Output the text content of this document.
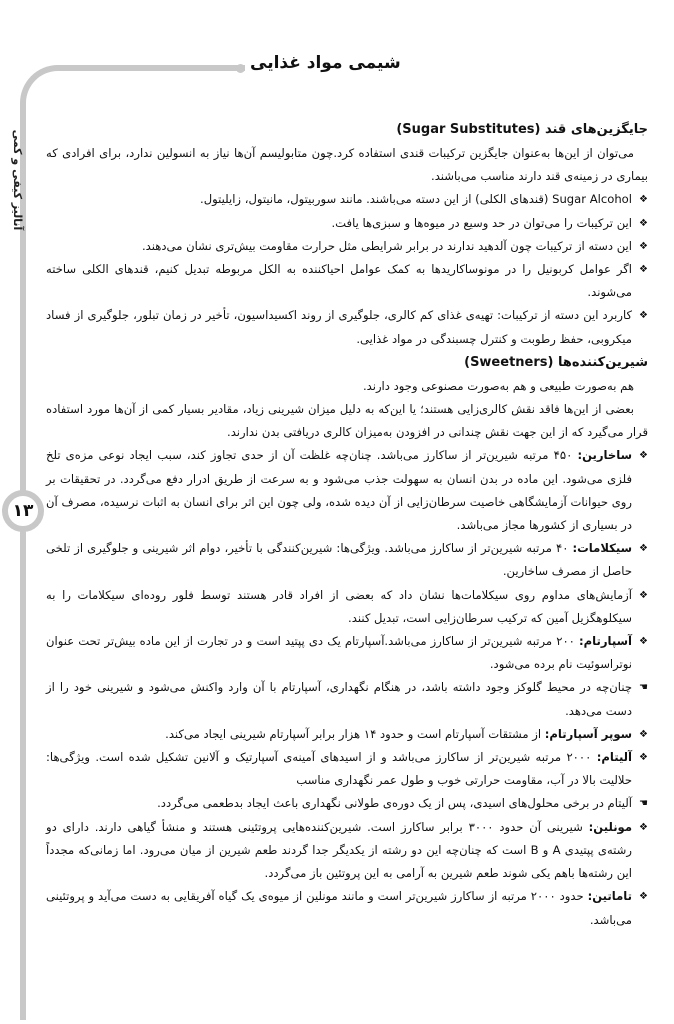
شیمی مواد غذایی
آنالیز کیفی و کمی
۱۳
جایگزین‌های قند (Sugar Substitutes)

می‌توان از این‌ها به‌عنوان جایگزین ترکیبات قندی استفاده کرد.چون متابولیسم آن‌ها نیاز به انسولین ندارد، برای افرادی که بیماری در زمینه‌ی قند دارند مناسب می‌باشند.

❖
Sugar Alcohol (قندهای الکلی) از این دسته می‌باشند. مانند سوربیتول، مانیتول، زایلیتول.
❖
این ترکیبات را می‌توان در حد وسیع در میوه‌ها و سبزی‌ها یافت.
❖
این دسته از ترکیبات چون آلدهید ندارند در برابر شرایطی مثل حرارت مقاومت بیش‌تری نشان می‌دهند.
❖
اگر عوامل کربونیل را در مونوساکاریدها به کمک عوامل احیاکننده به الکل مربوطه تبدیل کنیم، قندهای الکلی ساخته می‌شوند.
❖
کاربرد این دسته از ترکیبات: تهیه‌ی غذای کم کالری، جلوگیری از روند اکسیداسیون، تأخیر در زمان تبلور، جلوگیری از فساد میکروبی، حفظ رطوبت و کنترل چسبندگی در مواد غذایی.
شیرین‌کننده‌ها (Sweetners)

هم به‌صورت طبیعی و هم به‌صورت مصنوعی وجود دارند.

بعضی از این‌ها فاقد نقش کالری‌زایی هستند؛ یا این‌که به دلیل میزان شیرینی زیاد، مقادیر بسیار کمی از آن‌ها مورد استفاده قرار می‌گیرد که از این جهت نقش چندانی در افزودن به‌میزان کالری دریافتی بدن ندارند.

❖
ساخارین: ۴۵۰ مرتبه شیرین‌تر از ساکارز می‌باشد. چنان‌چه غلظت آن از حدی تجاوز کند، سبب ایجاد نوعی مزه‌ی تلخ فلزی می‌شود. این ماده در بدن انسان به سهولت جذب می‌شود و به سرعت از طریق ادرار دفع می‌گردد. در تحقیقات بر روی حیوانات آزمایشگاهی خاصیت سرطان‌زایی از آن دیده شده، ولی چون این اثر برای انسان به اثبات نرسیده، مصرف آن در بسیاری از کشورها مجاز می‌باشد.
❖
سیکلامات: ۴۰ مرتبه شیرین‌تر از ساکارز می‌باشد. ویژگی‌ها: شیرین‌کنندگی با تأخیر، دوام اثر شیرینی و جلوگیری از تلخی حاصل از مصرف ساخارین.
❖
آزمایش‌های مداوم روی سیکلامات‌ها نشان داد که بعضی از افراد قادر هستند توسط فلور روده‌ای سیکلامات را به سیکلوهگزیل آمین که ترکیب سرطان‌زایی است، تبدیل کنند.
❖
آسپارتام: ۲۰۰ مرتبه شیرین‌تر از ساکارز می‌باشد.آسپارتام یک دی پپتید است و در تجارت از این ماده بیش‌تر تحت عنوان نوتراسوئیت نام برده می‌شود.
☚
چنان‌چه در محیط گلوکز وجود داشته باشد، در هنگام نگهداری، آسپارتام با آن وارد واکنش می‌شود و شیرینی خود را از دست می‌دهد.
❖
سوپر آسپارتام: از مشتقات آسپارتام است و حدود ۱۴ هزار برابر آسپارتام شیرینی ایجاد می‌کند.
❖
آلیتام: ۲۰۰۰ مرتبه شیرین‌تر از ساکارز می‌باشد و از اسیدهای آمینه‌ی آسپارتیک و آلانین تشکیل شده است. ویژگی‌ها: حلالیت بالا در آب، مقاومت حرارتی خوب و طول عمر نگهداری مناسب
☚
آلیتام در برخی محلول‌های اسیدی، پس از یک دوره‌ی طولانی نگهداری باعث ایجاد بدطعمی می‌گردد.
❖
مونلین: شیرینی آن حدود ۳۰۰۰ برابر ساکارز است. شیرین‌کننده‌هایی پروتئینی هستند و منشأ گیاهی دارند. دارای دو رشته‌ی پپتیدی A و B است که چنان‌چه این دو رشته از یکدیگر جدا گردند طعم شیرین از میان می‌رود. اما زمانی‌که مجدداً این رشته‌ها باهم یکی شوند طعم شیرین به آرامی به این پروتئین باز می‌گردد.
❖
تاماتین: حدود ۲۰۰۰ مرتبه از ساکارز شیرین‌تر است و مانند مونلین از میوه‌ی یک گیاه آفریقایی به دست می‌آید و پروتئینی می‌باشد.
